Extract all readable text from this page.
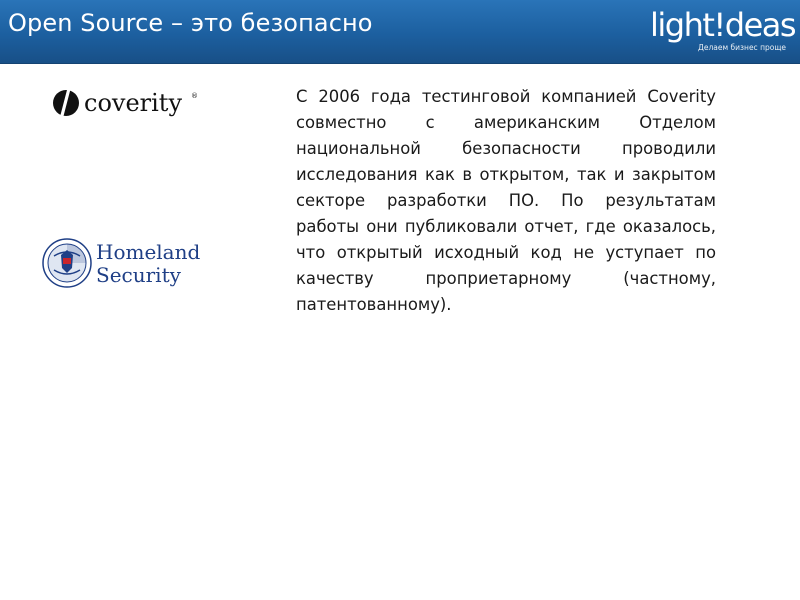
Open Source – это безопасно	light!deas
Делаем бизнес проще
coverity ®
Homeland
Security

С 2006 года тестинговой компанией Coverity совместно с американским Отделом национальной безопасности проводили исследования как в открытом, так и закрытом секторе разработки ПО. По результатам работы они публиковали отчет, где оказалось, что открытый исходный код не уступает по качеству проприетарному (частному, патентованному).
